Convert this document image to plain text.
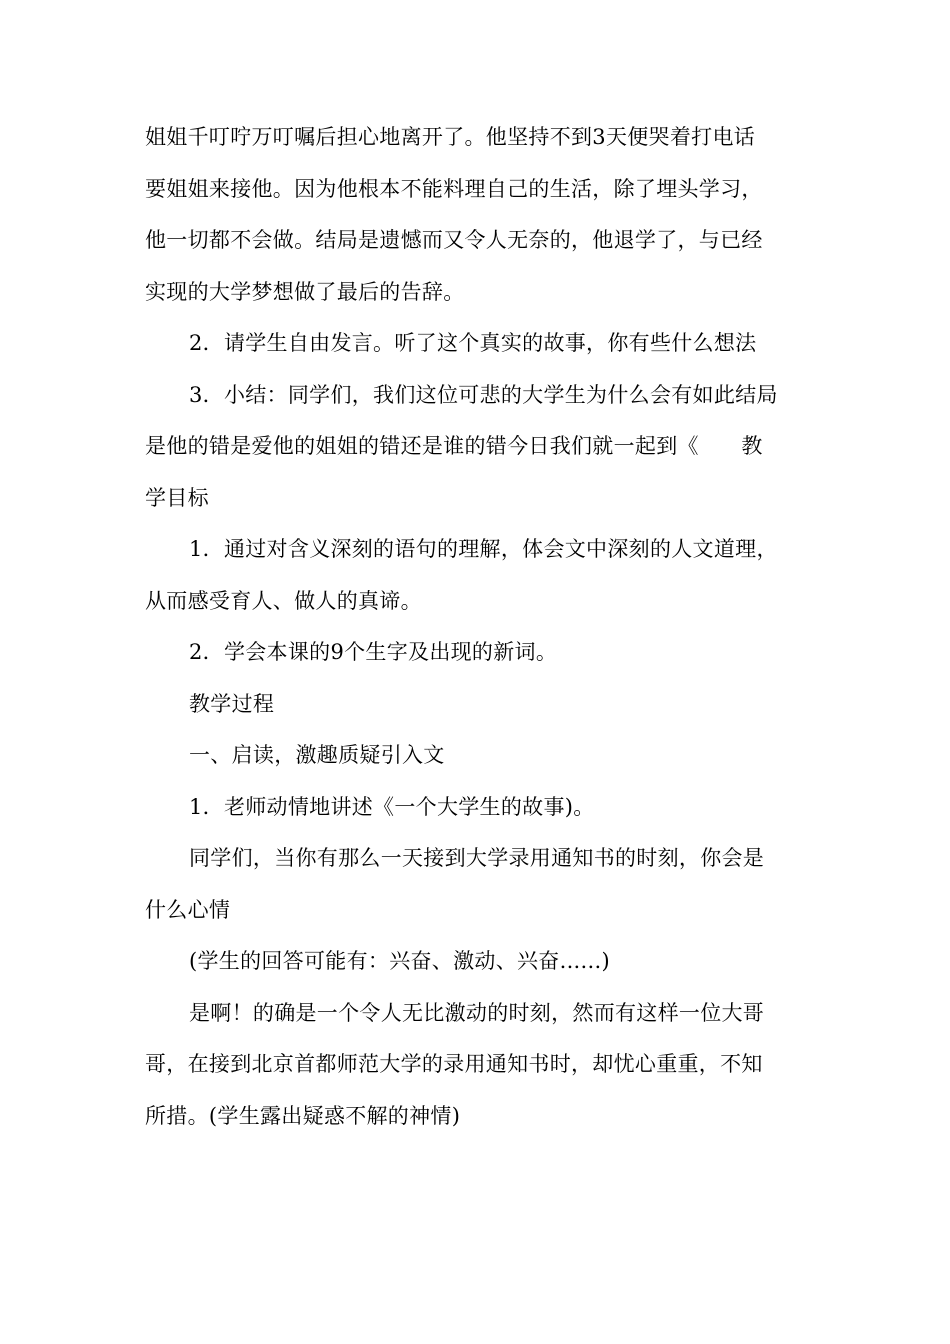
姐姐千叮咛万叮嘱后担心地离开了。他坚持不到3天便哭着打电话
要姐姐来接他。因为他根本不能料理自己的生活，除了埋头学习，
他一切都不会做。结局是遗憾而又令人无奈的，他退学了，与已经
实现的大学梦想做了最后的告辞。
2．请学生自由发言。听了这个真实的故事，你有些什么想法
3．小结：同学们，我们这位可悲的大学生为什么会有如此结局
是他的错是爱他的姐姐的错还是谁的错今日我们就一起到《　　教
学目标
1．通过对含义深刻的语句的理解，体会文中深刻的人文道理，
从而感受育人、做人的真谛。
2．学会本课的9个生字及出现的新词。
教学过程
一、启读，激趣质疑引入文
1．老师动情地讲述《一个大学生的故事)。
同学们，当你有那么一天接到大学录用通知书的时刻，你会是
什么心情
(学生的回答可能有：兴奋、激动、兴奋......)
是啊！的确是一个令人无比激动的时刻，然而有这样一位大哥
哥，在接到北京首都师范大学的录用通知书时，却忧心重重，不知
所措。(学生露出疑惑不解的神情)
